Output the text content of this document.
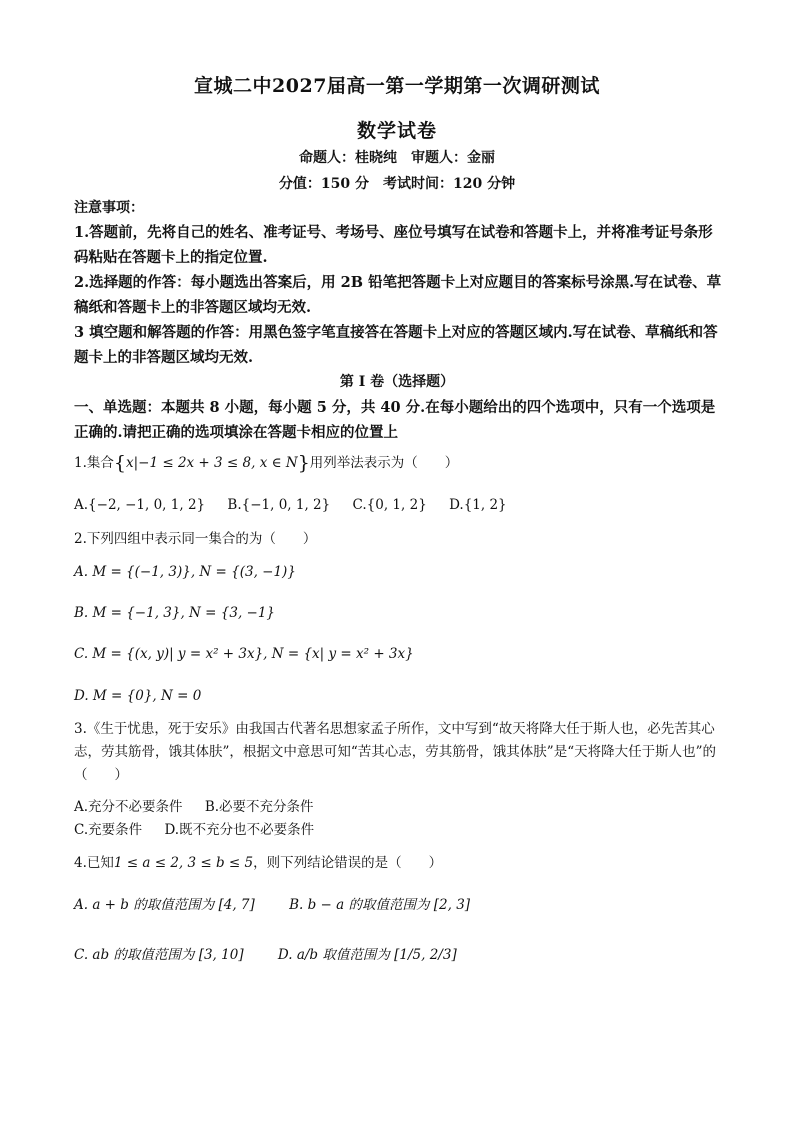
宣城二中2027届高一第一学期第一次调研测试
数学试卷
命题人：桂晓纯　审题人：金丽
分值：150 分 考试时间：120 分钟
注意事项：
1.答题前，先将自己的姓名、准考证号、考场号、座位号填写在试卷和答题卡上，并将准考证号条形码粘贴在答题卡上的指定位置.
2.选择题的作答：每小题选出答案后，用 2B 铅笔把答题卡上对应题目的答案标号涂黑.写在试卷、草稿纸和答题卡上的非答题区域均无效.
3 填空题和解答题的作答：用黑色签字笔直接答在答题卡上对应的答题区域内.写在试卷、草稿纸和答题卡上的非答题区域均无效.
第 I 卷（选择题）
一、单选题：本题共 8 小题，每小题 5 分，共 40 分.在每小题给出的四个选项中，只有一个选项是正确的.请把正确的选项填涂在答题卡相应的位置上
1.集合{x|−1 ≤ 2x + 3 ≤ 8, x ∈ N}用列举法表示为（　　）
A.{−2, −1, 0, 1, 2} B.{−1, 0, 1, 2} C.{0, 1, 2} D.{1, 2}
2.下列四组中表示同一集合的为（　　）
A. M = {(−1, 3)}, N = {(3, −1)}
B. M = {−1, 3}, N = {3, −1}
C. M = {(x, y)| y = x² + 3x}, N = {x| y = x² + 3x}
D. M = {0}, N = 0
3.《生于忧患，死于安乐》由我国古代著名思想家孟子所作，文中写到“故天将降大任于斯人也，必先苦其心志，劳其筋骨，饿其体肤”，根据文中意思可知“苦其心志，劳其筋骨，饿其体肤”是“天将降大任于斯人也”的（　　）
A.充分不必要条件 B.必要不充分条件
C.充要条件 D.既不充分也不必要条件
4.已知1 ≤ a ≤ 2, 3 ≤ b ≤ 5，则下列结论错误的是（　　）
A. a + b 的取值范围为 [4, 7]	B. b − a 的取值范围为 [2, 3]
C. ab 的取值范围为 [3, 10]	D. a/b 取值范围为 [1/5, 2/3]
